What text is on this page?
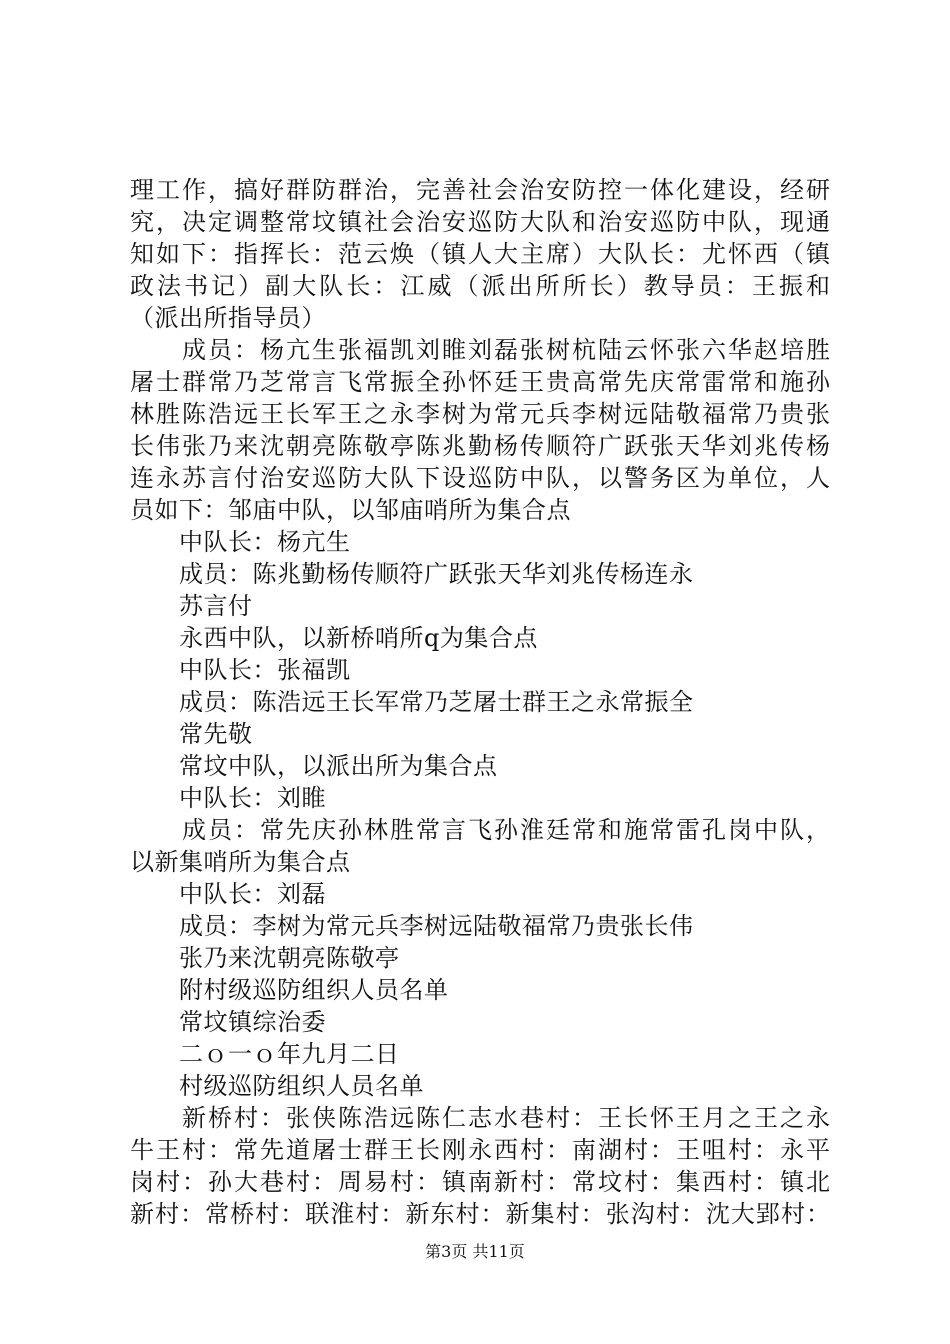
理工作，搞好群防群治，完善社会治安防控一体化建设，经研
究，决定调整常坟镇社会治安巡防大队和治安巡防中队，现通
知如下：指挥长：范云焕（镇人大主席）大队长：尤怀西（镇
政法书记）副大队长：江威（派出所所长）教导员：王振和
（派出所指导员）
　　成员：杨亢生张福凯刘睢刘磊张树杭陆云怀张六华赵培胜
屠士群常乃芝常言飞常振全孙怀廷王贵高常先庆常雷常和施孙
林胜陈浩远王长军王之永李树为常元兵李树远陆敬福常乃贵张
长伟张乃来沈朝亮陈敬亭陈兆勤杨传顺符广跃张天华刘兆传杨
连永苏言付治安巡防大队下设巡防中队，以警务区为单位，人
员如下：邹庙中队，以邹庙哨所为集合点
　　中队长：杨亢生
　　成员：陈兆勤杨传顺符广跃张天华刘兆传杨连永
　　苏言付
　　永西中队，以新桥哨所q为集合点
　　中队长：张福凯
　　成员：陈浩远王长军常乃芝屠士群王之永常振全
　　常先敬
　　常坟中队，以派出所为集合点
　　中队长：刘睢
　　成员：常先庆孙林胜常言飞孙淮廷常和施常雷孔岗中队，
以新集哨所为集合点
　　中队长：刘磊
　　成员：李树为常元兵李树远陆敬福常乃贵张长伟
　　张乃来沈朝亮陈敬亭
　　附村级巡防组织人员名单
　　常坟镇综治委
　　二ｏ一ｏ年九月二日
　　村级巡防组织人员名单
　　新桥村：张侠陈浩远陈仁志水巷村：王长怀王月之王之永
牛王村：常先道屠士群王长刚永西村：南湖村：王咀村：永平
岗村：孙大巷村：周易村：镇南新村：常坟村：集西村：镇北
新村：常桥村：联淮村：新东村：新集村：张沟村：沈大郢村：
第3页 共11页
